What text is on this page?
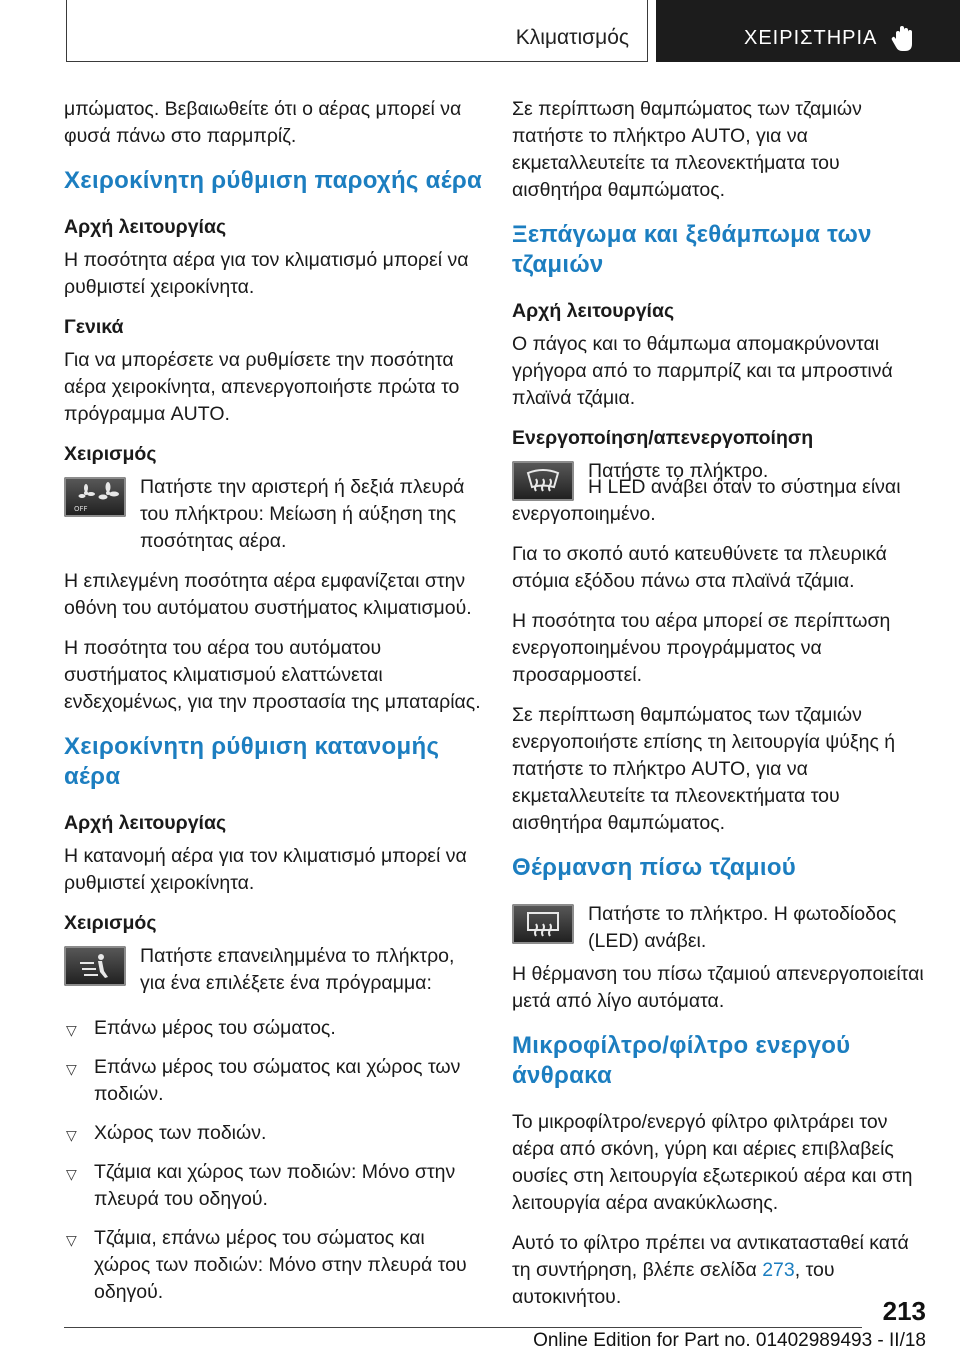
Κλιματισμός	ΧΕΙΡΙΣΤΗΡΙΑ

μπώματος. Βεβαιωθείτε ότι ο αέρας μπορεί να φυσά πάνω στο παρμπρίζ.

Χειροκίνητη ρύθμιση παροχής αέρα
Αρχή λειτουργίας

Η ποσότητα αέρα για τον κλιματισμό μπορεί να ρυθμιστεί χειροκίνητα.

Γενικά

Για να μπορέσετε να ρυθμίσετε την ποσότητα αέρα χειροκίνητα, απενεργοποιήστε πρώτα το πρόγραμμα AUTO.

Χειρισμός
OFF

Πατήστε την αριστερή ή δεξιά πλευρά του πλήκτρου: Μείωση ή αύξηση της ποσότητας αέρα.

Η επιλεγμένη ποσότητα αέρα εμφανίζεται στην οθόνη του αυτόματου συστήματος κλιματισμού.

Η ποσότητα του αέρα του αυτόματου συστήματος κλιματισμού ελαττώνεται ενδεχομένως, για την προστασία της μπαταρίας.

Χειροκίνητη ρύθμιση κατανομής αέρα
Αρχή λειτουργίας

Η κατανομή αέρα για τον κλιματισμό μπορεί να ρυθμιστεί χειροκίνητα.

Χειρισμός

Πατήστε επανειλημμένα το πλήκτρο, για ένα επιλέξετε ένα πρόγραμμα:

▽ Επάνω μέρος του σώματος.
▽ Επάνω μέρος του σώματος και χώρος των ποδιών.
▽ Χώρος των ποδιών.
▽ Τζάμια και χώρος των ποδιών: Μόνο στην πλευρά του οδηγού.
▽ Τζάμια, επάνω μέρος του σώματος και χώρος των ποδιών: Μόνο στην πλευρά του οδηγού.

Σε περίπτωση θαμπώματος των τζαμιών πατήστε το πλήκτρο AUTO, για να εκμεταλλευτείτε τα πλεονεκτήματα του αισθητήρα θαμπώματος.

Ξεπάγωμα και ξεθάμπωμα των τζαμιών
Αρχή λειτουργίας

Ο πάγος και το θάμπωμα απομακρύνονται γρήγορα από το παρμπρίζ και τα μπροστινά πλαϊνά τζάμια.

Ενεργοποίηση/απενεργοποίηση

Πατήστε το πλήκτρο.

Η LED ανάβει όταν το σύστημα είναι ενεργοποιημένο.

Για το σκοπό αυτό κατευθύνετε τα πλευρικά στόμια εξόδου πάνω στα πλαϊνά τζάμια.

Η ποσότητα του αέρα μπορεί σε περίπτωση ενεργοποιημένου προγράμματος να προσαρμοστεί.

Σε περίπτωση θαμπώματος των τζαμιών ενεργοποιήστε επίσης τη λειτουργία ψύξης ή πατήστε το πλήκτρο AUTO, για να εκμεταλλευτείτε τα πλεονεκτήματα του αισθητήρα θαμπώματος.

Θέρμανση πίσω τζαμιού

Πατήστε το πλήκτρο. Η φωτοδίοδος (LED) ανάβει.

Η θέρμανση του πίσω τζαμιού απενεργοποιείται μετά από λίγο αυτόματα.

Μικροφίλτρο/φίλτρο ενεργού άνθρακα

Το μικροφίλτρο/ενεργό φίλτρο φιλτράρει τον αέρα από σκόνη, γύρη και αέριες επιβλαβείς ουσίες στη λειτουργία εξωτερικού αέρα και στη λειτουργία αέρα ανακύκλωσης.

Αυτό το φίλτρο πρέπει να αντικατασταθεί κατά τη συντήρηση, βλέπε σελίδα 273, του αυτοκινήτου.	213
Online Edition for Part no. 01402989493 - II/18
